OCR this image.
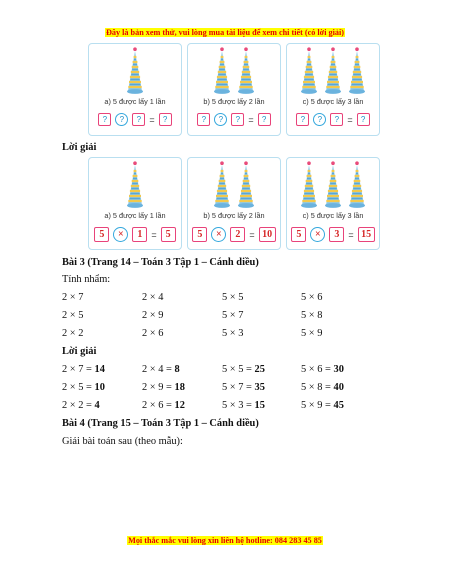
Đây là bản xem thử, vui lòng mua tài liệu để xem chi tiết (có lời giải)
a) 5 được lấy 1 lần
?	?	? =	?
b) 5 được lấy 2 lần
?	?	? =	?
c) 5 được lấy 3 lần
?	?	? =	?
Lời giải
a) 5 được lấy 1 lần
5	×	1	= 5
b) 5 được lấy 2 lần
5	×	2	= 10
c) 5 được lấy 3 lần
5	×	3	= 15
Bài 3 (Trang 14 – Toán 3 Tập 1 – Cánh diều)
Tính nhẩm:
2 × 7	2 × 4	5 × 5	5 × 6
2 × 5	2 × 9	5 × 7	5 × 8
2 × 2	2 × 6	5 × 3	5 × 9
Lời giải
2 × 7 = 14	2 × 4 = 8	5 × 5 = 25	5 × 6 = 30
2 × 5 = 10	2 × 9 = 18	5 × 7 = 35	5 × 8 = 40
2 × 2 = 4	2 × 6 = 12	5 × 3 = 15	5 × 9 = 45
Bài 4 (Trang 15 – Toán 3 Tập 1 – Cánh diều)
Giải bài toán sau (theo mẫu):
Mọi thắc mắc vui lòng xin liên hệ hotline: 084 283 45 85
